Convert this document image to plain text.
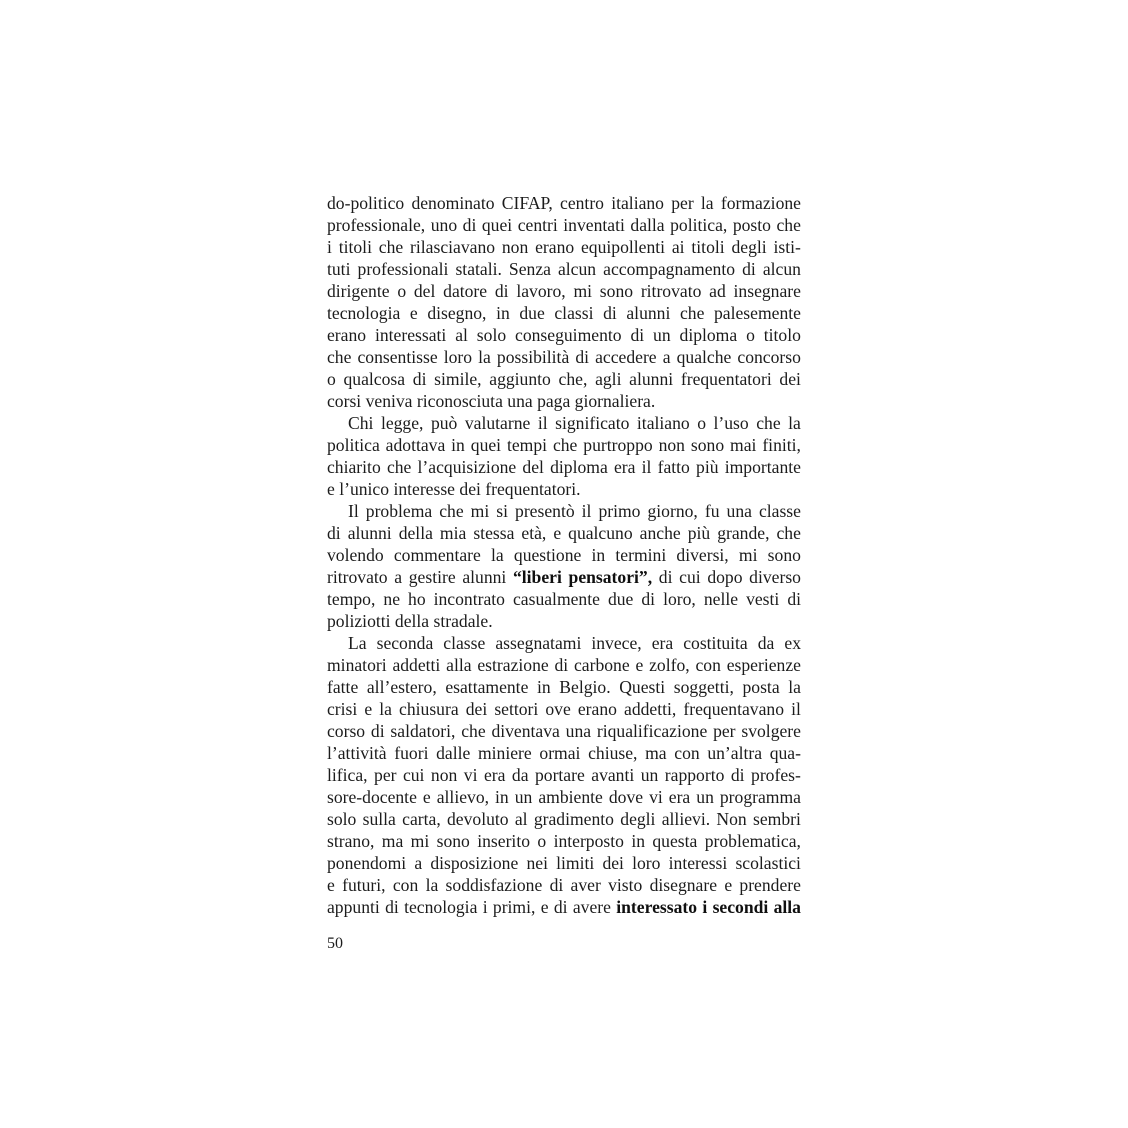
do-politico denominato CIFAP, centro italiano per la formazione
professionale, uno di quei centri inventati dalla politica, posto che
i titoli che rilasciavano non erano equipollenti ai titoli degli isti-
tuti professionali statali. Senza alcun accompagnamento di alcun
dirigente o del datore di lavoro, mi sono ritrovato ad insegnare
tecnologia e disegno, in due classi di alunni che palesemente
erano interessati al solo conseguimento di un diploma o titolo
che consentisse loro la possibilità di accedere a qualche concorso
o qualcosa di simile, aggiunto che, agli alunni frequentatori dei
corsi veniva riconosciuta una paga giornaliera.
Chi legge, può valutarne il significato italiano o l’uso che la
politica adottava in quei tempi che purtroppo non sono mai finiti,
chiarito che l’acquisizione del diploma era il fatto più importante
e l’unico interesse dei frequentatori.
Il problema che mi si presentò il primo giorno, fu una classe
di alunni della mia stessa età, e qualcuno anche più grande, che
volendo commentare la questione in termini diversi, mi sono
ritrovato a gestire alunni “liberi pensatori”, di cui dopo diverso
tempo, ne ho incontrato casualmente due di loro, nelle vesti di
poliziotti della stradale.
La seconda classe assegnatami invece, era costituita da ex
minatori addetti alla estrazione di carbone e zolfo, con esperienze
fatte all’estero, esattamente in Belgio. Questi soggetti, posta la
crisi e la chiusura dei settori ove erano addetti, frequentavano il
corso di saldatori, che diventava una riqualificazione per svolgere
l’attività fuori dalle miniere ormai chiuse, ma con un’altra qua-
lifica, per cui non vi era da portare avanti un rapporto di profes-
sore-docente e allievo, in un ambiente dove vi era un programma
solo sulla carta, devoluto al gradimento degli allievi. Non sembri
strano, ma mi sono inserito o interposto in questa problematica,
ponendomi a disposizione nei limiti dei loro interessi scolastici
e futuri, con la soddisfazione di aver visto disegnare e prendere
appunti di tecnologia i primi, e di avere interessato i secondi alla
50
